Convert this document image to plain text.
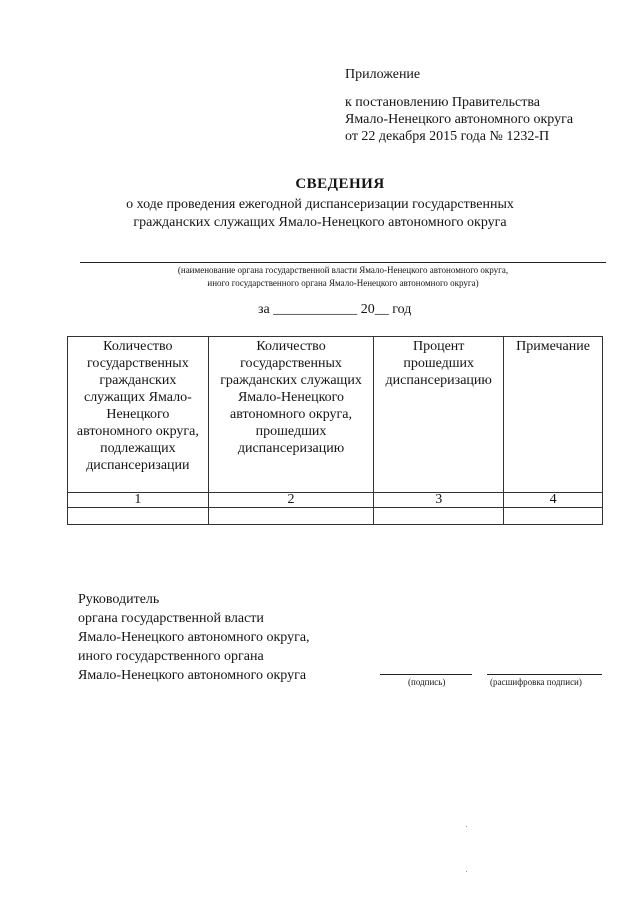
Приложение
к постановлению Правительства
Ямало-Ненецкого автономного округа
от 22 декабря 2015 года № 1232-П
СВЕДЕНИЯ
о ходе проведения ежегодной диспансеризации государственных
гражданских служащих Ямало-Ненецкого автономного округа
(наименование органа государственной власти Ямало-Ненецкого автономного округа,
иного государственного органа Ямало-Ненецкого автономного округа)
за ____________ 20__ год
Количество государственных гражданских служащих Ямало-Ненецкого автономного округа, подлежащих диспансеризации	Количество государственных гражданских служащих Ямало-Ненецкого автономного округа, прошедших диспансеризацию	Процент прошедших диспансеризацию	Примечание
1	2	3	4

Руководитель
органа государственной власти
Ямало-Ненецкого автономного округа,
иного государственного органа
Ямало-Ненецкого автономного округа	(подпись)	(расшифровка подписи)
